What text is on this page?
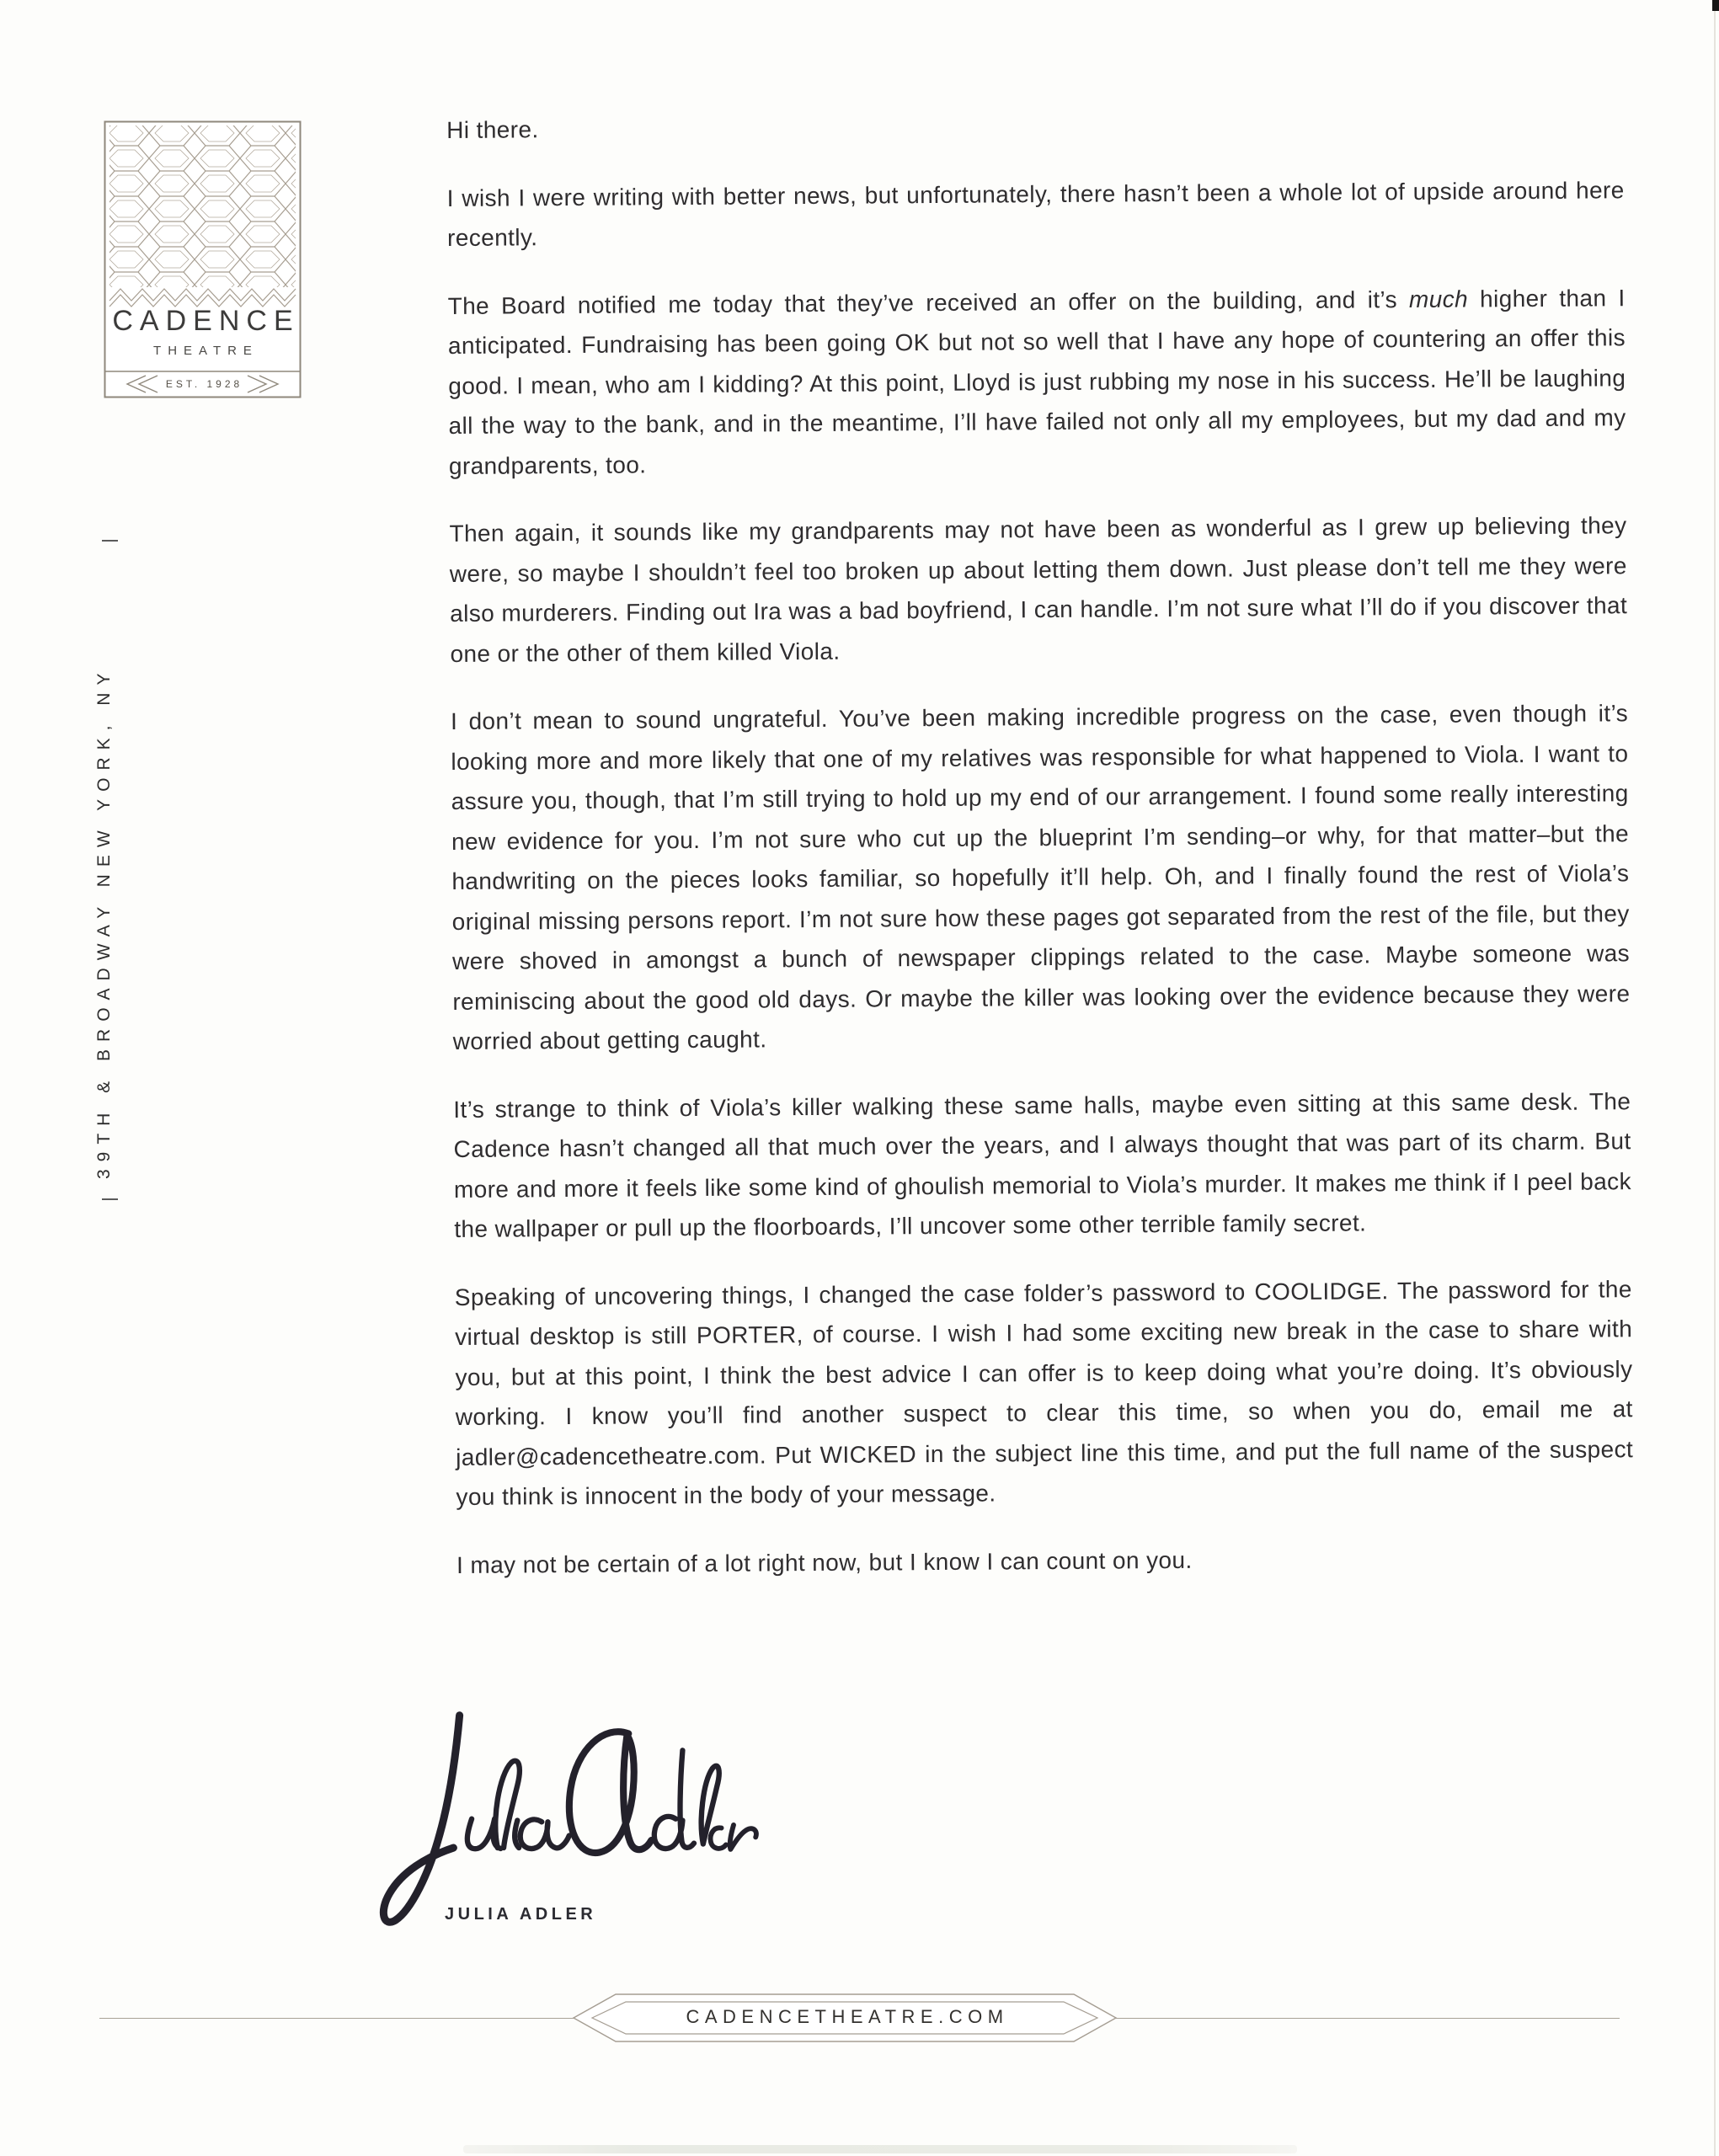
CADENCE
THEATRE
EST. 1928
39TH & BROADWAY NEW YORK, NY
Hi there.

I wish I were writing with better news, but unfortunately, there hasn’t been a whole lot of upside around here recently.

The Board notified me today that they’ve received an offer on the building, and it’s much higher than I anticipated. Fundraising has been going OK but not so well that I have any hope of countering an offer this good. I mean, who am I kidding? At this point, Lloyd is just rubbing my nose in his success. He’ll be laughing all the way to the bank, and in the meantime, I’ll have failed not only all my employees, but my dad and my grandparents, too.

Then again, it sounds like my grandparents may not have been as wonderful as I grew up believing they were, so maybe I shouldn’t feel too broken up about letting them down. Just please don’t tell me they were also murderers. Finding out Ira was a bad boyfriend, I can handle. I’m not sure what I’ll do if you discover that one or the other of them killed Viola.

I don’t mean to sound ungrateful. You’ve been making incredible progress on the case, even though it’s looking more and more likely that one of my relatives was responsible for what happened to Viola. I want to assure you, though, that I’m still trying to hold up my end of our arrangement. I found some really interesting new evidence for you. I’m not sure who cut up the blueprint I’m sending–or why, for that matter–but the handwriting on the pieces looks familiar, so hopefully it’ll help. Oh, and I finally found the rest of Viola’s original missing persons report. I’m not sure how these pages got separated from the rest of the file, but they were shoved in amongst a bunch of newspaper clippings related to the case. Maybe someone was reminiscing about the good old days. Or maybe the killer was looking over the evidence because they were worried about getting caught.

It’s strange to think of Viola’s killer walking these same halls, maybe even sitting at this same desk. The Cadence hasn’t changed all that much over the years, and I always thought that was part of its charm. But more and more it feels like some kind of ghoulish memorial to Viola’s murder. It makes me think if I peel back the wallpaper or pull up the floorboards, I’ll uncover some other terrible family secret.

Speaking of uncovering things, I changed the case folder’s password to COOLIDGE. The password for the virtual desktop is still PORTER, of course. I wish I had some exciting new break in the case to share with you, but at this point, I think the best advice I can offer is to keep doing what you’re doing. It’s obviously working. I know you’ll find another suspect to clear this time, so when you do, email me at jadler@cadencetheatre.com. Put WICKED in the subject line this time, and put the full name of the suspect you think is innocent in the body of your message.

I may not be certain of a lot right now, but I know I can count on you.

JULIA ADLER
CADENCETHEATRE.COM
